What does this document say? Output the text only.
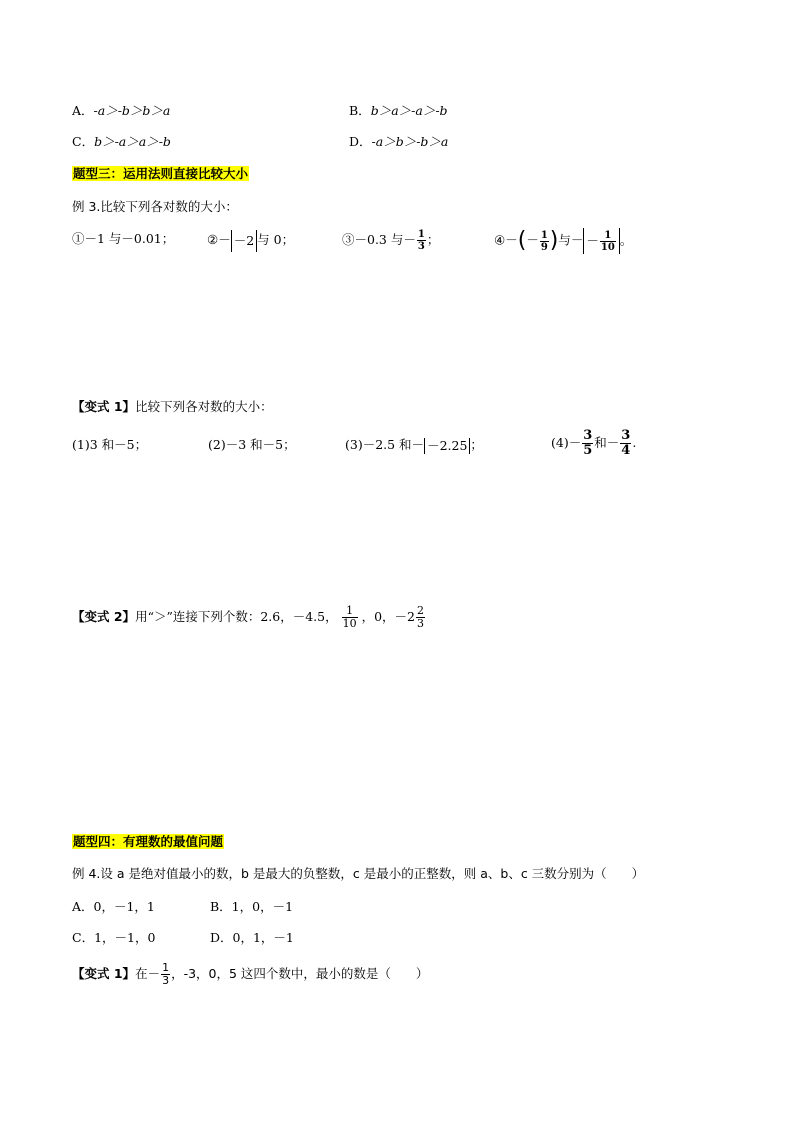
A．-a＞-b＞b＞a	B．b＞a＞-a＞-b
C．b＞-a＞a＞-b	D．-a＞b＞-b＞a
题型三：运用法则直接比较大小
例 3.比较下列各对数的大小：
①－1 与－0.01；	②－ －2 与 0；	③－0.3 与－ $\frac{1}{3}$ ；	④－(－ $\frac{1}{9}$ )与－ － $\frac{1}{10}$ 。
【变式 1】比较下列各对数的大小：
(1)3 和－5；	(2)－3 和－5；	(3)－2.5 和－ －2.25 ；	$(4)- \frac{3}{5}$ 和－ $\frac{3}{4}$ .
【变式 2】用“＞”连接下列个数：2.6，－4.5， $\frac{1}{10}$ ，0，$-2 \frac{2}{3}$
题型四：有理数的最值问题
例 4.设 a 是绝对值最小的数，b 是最大的负整数，c 是最小的正整数，则 a、b、c 三数分别为（　　）
A．0，－1，1	B．1，0，－1
C．1，－1，0	D．0，1，－1
【变式 1】在－ $\frac{1}{3}$ ，-3，0，5 这四个数中，最小的数是（　　）
